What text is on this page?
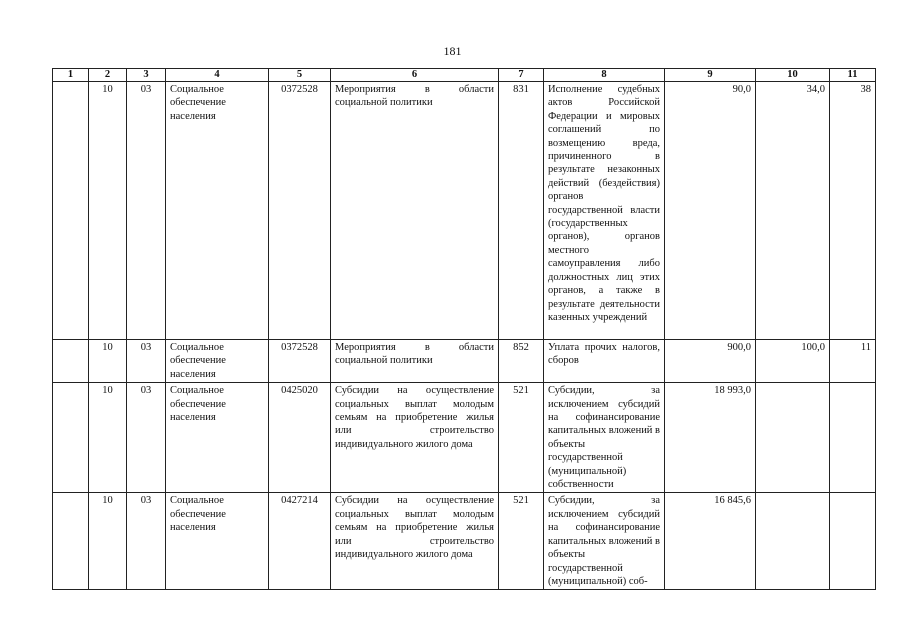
181
1	2	3	4	5	6	7	8	9	10	11
	10	03	Социальное обеспечение населения	0372528	Мероприятия в области социальной политики	831	Исполнение судебных актов Российской Федерации и мировых соглашений по возмещению вреда, причиненного в результате незаконных действий (бездействия) органов государственной власти (государственных органов), органов местного самоуправления либо должностных лиц этих органов, а также в результате деятельности казенных учреждений	90,0	34,0	38
	10	03	Социальное обеспечение населения	0372528	Мероприятия в области социальной политики	852	Уплата прочих налогов, сборов	900,0	100,0	11
	10	03	Социальное обеспечение населения	0425020	Субсидии на осуществление социальных выплат молодым семьям на приобретение жилья или строительство индивидуального жилого дома	521	Субсидии, за исключением субсидий на софинансирование капитальных вложений в объекты государственной (муниципальной) собственности	18 993,0		
	10	03	Социальное обеспечение населения	0427214	Субсидии на осуществление социальных выплат молодым семьям на приобретение жилья или строительство индивидуального жилого дома	521	Субсидии, за исключением субсидий на софинансирование капитальных вложений в объекты государственной (муниципальной) соб-	16 845,6		
